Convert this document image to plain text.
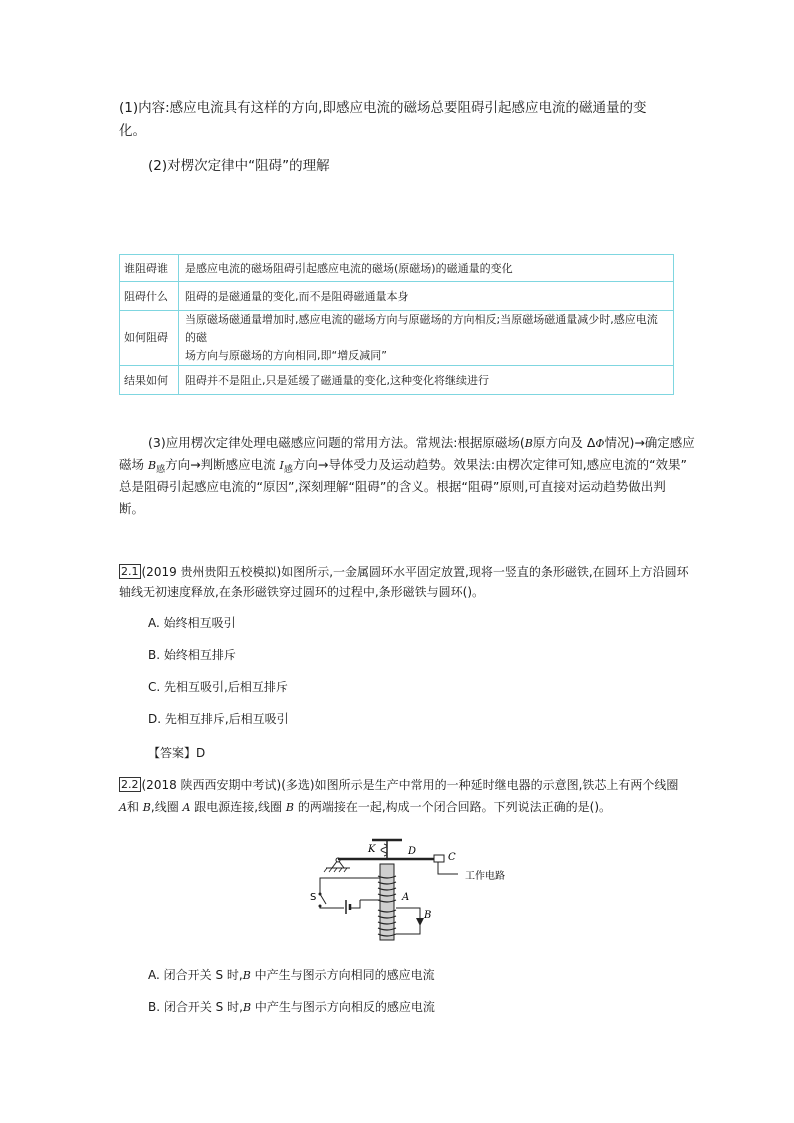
(1)内容:感应电流具有这样的方向,即感应电流的磁场总要阻碍引起感应电流的磁通量的变
化。
(2)对楞次定律中“阻碍”的理解
谁阻碍谁	是感应电流的磁场阻碍引起感应电流的磁场(原磁场)的磁通量的变化
阻碍什么	阻碍的是磁通量的变化,而不是阻碍磁通量本身
如何阻碍	当原磁场磁通量增加时,感应电流的磁场方向与原磁场的方向相反;当原磁场磁通量减少时,感应电流的磁
场方向与原磁场的方向相同,即“增反减同”
结果如何	阻碍并不是阻止,只是延缓了磁通量的变化,这种变化将继续进行
(3)应用楞次定律处理电磁感应问题的常用方法。常规法:根据原磁场(B原方向及 ΔΦ情况)→确定感应
磁场 $B_感$方向→判断感应电流 $I_感$方向→导体受力及运动趋势。效果法:由楞次定律可知,感应电流的“效果”
总是阻碍引起感应电流的“原因”,深刻理解“阻碍”的含义。根据“阻碍”原则,可直接对运动趋势做出判
断。
2.1 (2019 贵州贵阳五校模拟)如图所示,一金属圆环水平固定放置,现将一竖直的条形磁铁,在圆环上方沿圆环
轴线无初速度释放,在条形磁铁穿过圆环的过程中,条形磁铁与圆环()。
A. 始终相互吸引
B. 始终相互排斥
C. 先相互吸引,后相互排斥
D. 先相互排斥,后相互吸引
【答案】D
2.2 (2018 陕西西安期中考试)(多选)如图所示是生产中常用的一种延时继电器的示意图,铁芯上有两个线圈
A和 B,线圈 A 跟电源连接,线圈 B 的两端接在一起,构成一个闭合回路。下列说法正确的是()。
K	D
C
工作电路
A
B
S
A. 闭合开关 S 时,B 中产生与图示方向相同的感应电流
B. 闭合开关 S 时,B 中产生与图示方向相反的感应电流
